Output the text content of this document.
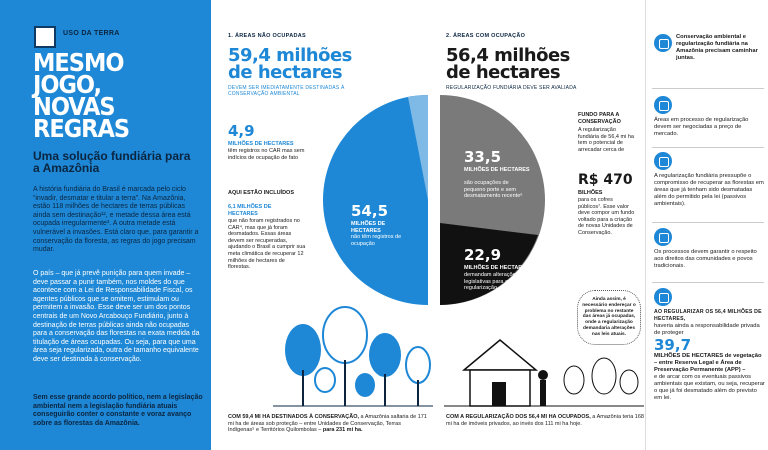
USO DA TERRA
MESMO
JOGO,
NOVAS
REGRAS
Uma solução fundiária para a Amazônia
A história fundiária do Brasil é marcada pelo ciclo “invadir, desmatar e titular a terra”. Na Amazônia, estão 118 milhões de hectares de terras públicas ainda sem destinação¹², e metade dessa área está ocupada irregularmente³. A outra metade está vulnerável a invasões. Está claro que, para garantir a conservação da floresta, as regras do jogo precisam mudar.
O país – que já prevê punição para quem invade – deve passar a punir também, nos moldes do que acontece com a Lei de Responsabilidade Fiscal, os agentes públicos que se omitem, estimulam ou permitem a invasão. Esse deve ser um dos pontos centrais de um Novo Arcabouço Fundiário, junto à destinação de terras públicas ainda não ocupadas para a conservação das florestas na exata medida da titulação de áreas ocupadas. Ou seja, para que uma área seja regularizada, outra de tamanho equivalente deve ser destinada à conservação.
Sem esse grande acordo político, nem a legislação ambiental nem a legislação fundiária atuais conseguirão conter o constante e voraz avanço sobre as florestas da Amazônia.
1. ÁREAS NÃO OCUPADAS
59,4 milhões
de hectares
DEVEM SER IMEDIATAMENTE DESTINADAS À CONSERVAÇÃO AMBIENTAL
4,9
MILHÕES DE HECTARES
têm registros no CAR mas sem indícios de ocupação de fato
AQUI ESTÃO INCLUÍDOS
6,1 MILHÕES DE HECTARES
que não foram registrados no CAR⁴, mas que já foram desmatados. Essas áreas devem ser recuperadas, ajudando o Brasil a cumprir sua meta climática de recuperar 12 milhões de hectares de florestas.
54,5
MILHÕES DE HECTARES
não têm registros de ocupação
COM 59,4 MI HA DESTINADOS À CONSERVAÇÃO, a Amazônia saltaria de 171 mi ha de áreas sob proteção – entre Unidades de Conservação, Terras Indígenas⁵ e Territórios Quilombolas – para 231 mi ha.
2. ÁREAS COM OCUPAÇÃO
56,4 milhões
de hectares
REGULARIZAÇÃO FUNDIÁRIA DEVE SER AVALIADA
33,5
MILHÕES DE HECTARES
são ocupações de pequeno porte e sem desmatamento recente⁶
22,9
MILHÕES DE HECTARES
demandam alterações legislativas para a regularização
FUNDO PARA A CONSERVAÇÃO
A regularização fundiária de 56,4 mi ha tem o potencial de arrecadar cerca de
R$ 470
BILHÕES
para os cofres públicos⁷. Esse valor deve compor um fundo voltado para a criação de novas Unidades de Conservação.
Ainda assim, é necessário endereçar o problema no restante das áreas já ocupadas, onde a regularização demandaria alterações nas leis atuais.
COM A REGULARIZAÇÃO DOS 56,4 MI HA OCUPADOS, a Amazônia teria 168 mi ha de imóveis privados, ao invés dos 111 mi ha hoje.
Conservação ambiental e regularização fundiária na Amazônia precisam caminhar juntas.
Áreas em processo de regularização devem ser negociadas a preço de mercado.
A regularização fundiária pressupõe o compromisso de recuperar as florestas em áreas que já tenham sido desmatadas além do permitido pela lei (passivos ambientais).
Os processos devem garantir o respeito aos direitos das comunidades e povos tradicionais.
AO REGULARIZAR OS 56,4 MILHÕES DE HECTARES,
haveria ainda a responsabilidade privada de proteger
39,7
MILHÕES DE HECTARES de vegetação – entre Reserva Legal e Área de Preservação Permanente (APP) –
e de arcar com os eventuais passivos ambientais que existam, ou seja, recuperar o que já foi desmatado além do previsto em lei.
